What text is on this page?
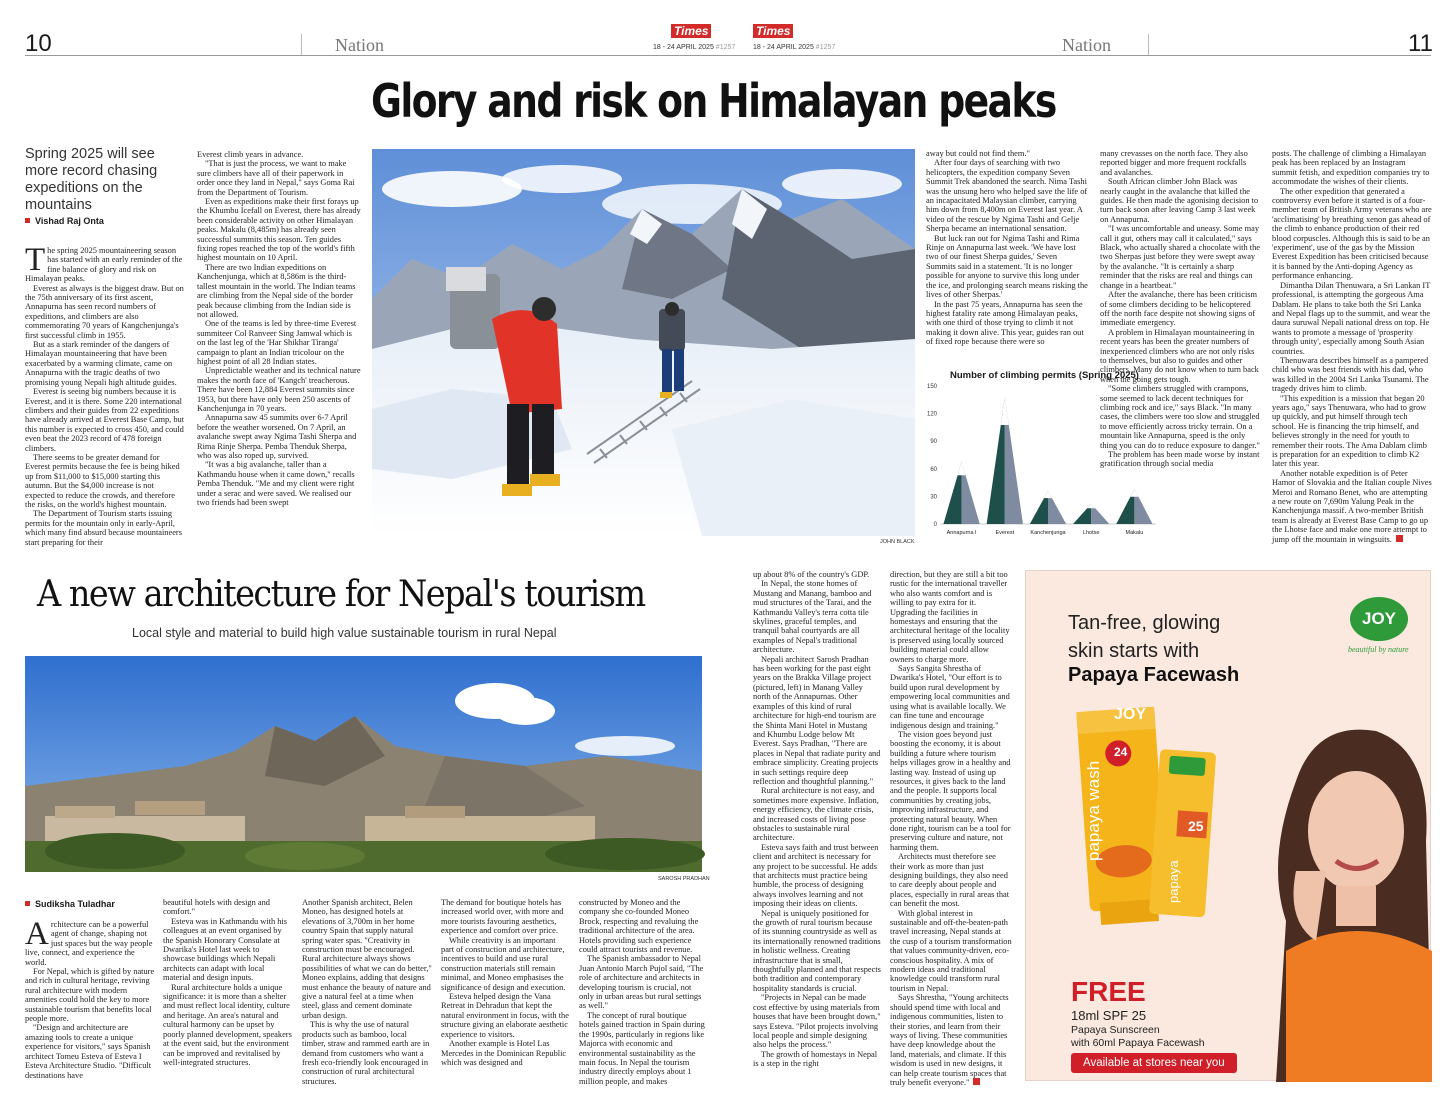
10	Nation
Times
18 - 24 APRIL 2025 #1257
Times
18 - 24 APRIL 2025 #1257	Nation	11
Glory and risk on Himalayan peaks
Spring 2025 will see more record chasing expeditions on the mountains
Vishad Raj Onta

The spring 2025 mountaineering season has started with an early reminder of the fine balance of glory and risk on Himalayan peaks.

Everest as always is the biggest draw. But on the 75th anniversary of its first ascent, Annapurna has seen record numbers of expeditions, and climbers are also commemorating 70 years of Kangchenjunga's first successful climb in 1955.

But as a stark reminder of the dangers of Himalayan mountaineering that have been exacerbated by a warming climate, came on Annapurna with the tragic deaths of two promising young Nepali high altitude guides.

Everest is seeing big numbers because it is Everest, and it is there. Some 220 international climbers and their guides from 22 expeditions have already arrived at Everest Base Camp, but this number is expected to cross 450, and could even beat the 2023 record of 478 foreign climbers.

There seems to be greater demand for Everest permits because the fee is being hiked up from $11,000 to $15,000 starting this autumn. But the $4,000 increase is not expected to reduce the crowds, and therefore the risks, on the world's highest mountain.

The Department of Tourism starts issuing permits for the mountain only in early-April, which many find absurd because mountaineers start preparing for their

Everest climb years in advance.

"That is just the process, we want to make sure climbers have all of their paperwork in order once they land in Nepal," says Goma Rai from the Department of Tourism.

Even as expeditions make their first forays up the Khumbu Icefall on Everest, there has already been considerable activity on other Himalayan peaks. Makalu (8,485m) has already seen successful summits this season. Ten guides fixing ropes reached the top of the world's fifth highest mountain on 10 April.

There are two Indian expeditions on Kanchenjunga, which at 8,586m is the third-tallest mountain in the world. The Indian teams are climbing from the Nepal side of the border peak because climbing from the Indian side is not allowed.

One of the teams is led by three-time Everest summiteer Col Ranveer Sing Jamwal which is on the last leg of the 'Har Shikhar Tiranga' campaign to plant an Indian tricolour on the highest point of all 28 Indian states.

Unpredictable weather and its technical nature makes the north face of 'Kangch' treacherous. There have been 12,884 Everest summits since 1953, but there have only been 250 ascents of Kanchenjunga in 70 years.

Annapurna saw 45 summits over 6-7 April before the weather worsened. On 7 April, an avalanche swept away Ngima Tashi Sherpa and Rima Rinje Sherpa. Pemba Thenduk Sherpa, who was also roped up, survived.

"It was a big avalanche, taller than a Kathmandu house when it came down," recalls Pemba Thenduk. "Me and my client were right under a serac and were saved. We realised our two friends had been swept

JOHN BLACK

away but could not find them."

After four days of searching with two helicopters, the expedition company Seven Summit Trek abandoned the search. Nima Tashi was the unsung hero who helped save the life of an incapacitated Malaysian climber, carrying him down from 8,400m on Everest last year. A video of the rescue by Ngima Tashi and Gelje Sherpa became an international sensation.

But luck ran out for Ngima Tashi and Rima Rinje on Annapurna last week. 'We have lost two of our finest Sherpa guides,' Seven Summits said in a statement. 'It is no longer possible for anyone to survive this long under the ice, and prolonging search means risking the lives of other Sherpas.'

In the past 75 years, Annapurna has seen the highest fatality rate among Himalayan peaks, with one third of those trying to climb it not making it down alive. This year, guides ran out of fixed rope because there were so

Number of climbing permits (Spring 2025)
0
30
60
90
120
150
Annapurna I	Everest	Kanchenjunga	Lhotse	Makalu

many crevasses on the north face. They also reported bigger and more frequent rockfalls and avalanches.

South African climber John Black was nearly caught in the avalanche that killed the guides. He then made the agonising decision to turn back soon after leaving Camp 3 last week on Annapurna.

"I was uncomfortable and uneasy. Some may call it gut, others may call it calculated," says Black, who actually shared a chocolate with the two Sherpas just before they were swept away by the avalanche. "It is certainly a sharp reminder that the risks are real and things can change in a heartbeat."

After the avalanche, there has been criticism of some climbers deciding to be helicoptered off the north face despite not showing signs of immediate emergency.

A problem in Himalayan mountaineering in recent years has been the greater numbers of inexperienced climbers who are not only risks to themselves, but also to guides and other climbers. Many do not know when to turn back when the going gets tough.

"Some climbers struggled with crampons, some seemed to lack decent techniques for climbing rock and ice," says Black. "In many cases, the climbers were too slow and struggled to move efficiently across tricky terrain. On a mountain like Annapurna, speed is the only thing you can do to reduce exposure to danger."

The problem has been made worse by instant gratification through social media

posts. The challenge of climbing a Himalayan peak has been replaced by an Instagram summit fetish, and expedition companies try to accommodate the wishes of their clients.

The other expedition that generated a controversy even before it started is of a four-member team of British Army veterans who are 'acclimatising' by breathing xenon gas ahead of the climb to enhance production of their red blood corpuscles. Although this is said to be an 'experiment', use of the gas by the Mission Everest Expedition has been criticised because it is banned by the Anti-doping Agency as performance enhancing.

Dimantha Dilan Thenuwara, a Sri Lankan IT professional, is attempting the gorgeous Ama Dablam. He plans to take both the Sri Lanka and Nepal flags up to the summit, and wear the daura suruwal Nepali national dress on top. He wants to promote a message of 'prosperity through unity', especially among South Asian countries.

Thenuwara describes himself as a pampered child who was best friends with his dad, who was killed in the 2004 Sri Lanka Tsunami. The tragedy drives him to climb.

"This expedition is a mission that began 20 years ago," says Thenuwara, who had to grow up quickly, and put himself through tech school. He is financing the trip himself, and believes strongly in the need for youth to remember their roots. The Ama Dablam climb is preparation for an expedition to climb K2 later this year.

Another notable expedition is of Peter Hamor of Slovakia and the Italian couple Nives Meroi and Romano Benet, who are attempting a new route on 7,690m Yalung Peak in the Kanchenjunga massif. A two-member British team is already at Everest Base Camp to go up the Lhotse face and make one more attempt to jump off the mountain in wingsuits.

A new architecture for Nepal's tourism
Local style and material to build high value sustainable tourism in rural Nepal
SAROSH PRADHAN
Sudiksha Tuladhar

Architecture can be a powerful agent of change, shaping not just spaces but the way people live, connect, and experience the world.

For Nepal, which is gifted by nature and rich in cultural heritage, reviving rural architecture with modern amenities could hold the key to more sustainable tourism that benefits local people more.

"Design and architecture are amazing tools to create a unique experience for visitors," says Spanish architect Tomeu Esteva of Esteva I Esteva Architecture Studio. "Difficult destinations have

beautiful hotels with design and comfort."

Esteva was in Kathmandu with his colleagues at an event organised by the Spanish Honorary Consulate at Dwarika's Hotel last week to showcase buildings which Nepali architects can adapt with local material and design inputs.

Rural architecture holds a unique significance: it is more than a shelter and must reflect local identity, culture and heritage. An area's natural and cultural harmony can be upset by poorly planned development, speakers at the event said, but the environment can be improved and revitalised by well-integrated structures.

Another Spanish architect, Belen Moneo, has designed hotels at elevations of 3,700m in her home country Spain that supply natural spring water spas. "Creativity in construction must be encouraged. Rural architecture always shows possibilities of what we can do better," Moneo explains, adding that designs must enhance the beauty of nature and give a natural feel at a time when steel, glass and cement dominate urban design.

This is why the use of natural products such as bamboo, local timber, straw and rammed earth are in demand from customers who want a fresh eco-friendly look encouraged in construction of rural architectural structures.

The demand for boutique hotels has increased world over, with more and more tourists favouring aesthetics, experience and comfort over price.

While creativity is an important part of construction and architecture, incentives to build and use rural construction materials still remain minimal, and Moneo emphasises the significance of design and execution.

Esteva helped design the Vana Retreat in Dehradun that kept the natural environment in focus, with the structure giving an elaborate aesthetic experience to visitors.

Another example is Hotel Las Mercedes in the Dominican Republic which was designed and

constructed by Moneo and the company she co-founded Moneo Brock, respecting and revaluing the traditional architecture of the area. Hotels providing such experience could attract tourists and revenue.

The Spanish ambassador to Nepal Juan Antonio March Pujol said, "The role of architecture and architects in developing tourism is crucial, not only in urban areas but rural settings as well."

The concept of rural boutique hotels gained traction in Spain during the 1990s, particularly in regions like Majorca with economic and environmental sustainability as the main focus. In Nepal the tourism industry directly employs about 1 million people, and makes

up about 8% of the country's GDP.

In Nepal, the stone homes of Mustang and Manang, bamboo and mud structures of the Tarai, and the Kathmandu Valley's terra cotta tile skylines, graceful temples, and tranquil bahal courtyards are all examples of Nepal's traditional architecture.

Nepali architect Sarosh Pradhan has been working for the past eight years on the Brakka Village project (pictured, left) in Manang Valley north of the Annapurnas. Other examples of this kind of rural architecture for high-end tourism are the Shinta Mani Hotel in Mustang and Khumbu Lodge below Mt Everest. Says Pradhan, "There are places in Nepal that radiate purity and embrace simplicity. Creating projects in such settings require deep reflection and thoughtful planning."

Rural architecture is not easy, and sometimes more expensive. Inflation, energy efficiency, the climate crisis, and increased costs of living pose obstacles to sustainable rural architecture.

Esteva says faith and trust between client and architect is necessary for any project to be successful. He adds that architects must practice being humble, the process of designing always involves learning and not imposing their ideas on clients.

Nepal is uniquely positioned for the growth of rural tourism because of its stunning countryside as well as its internationally renowned traditions in holistic wellness. Creating infrastructure that is small, thoughtfully planned and that respects both tradition and contemporary hospitality standards is crucial.

"Projects in Nepal can be made cost effective by using materials from houses that have been brought down," says Esteva. "Pilot projects involving local people and simple designing also helps the process."

The growth of homestays in Nepal is a step in the right

direction, but they are still a bit too rustic for the international traveller who also wants comfort and is willing to pay extra for it. Upgrading the facilities in homestays and ensuring that the architectural heritage of the locality is preserved using locally sourced building material could allow owners to charge more.

Says Sangita Shrestha of Dwarika's Hotel, "Our effort is to build upon rural development by empowering local communities and using what is available locally. We can fine tune and encourage indigenous design and training."

The vision goes beyond just boosting the economy, it is about building a future where tourism helps villages grow in a healthy and lasting way. Instead of using up resources, it gives back to the land and the people. It supports local communities by creating jobs, improving infrastructure, and protecting natural beauty. When done right, tourism can be a tool for preserving culture and nature, not harming them.

Architects must therefore see their work as more than just designing buildings, they also need to care deeply about people and places, especially in rural areas that can benefit the most.

With global interest in sustainable and off-the-beaten-path travel increasing, Nepal stands at the cusp of a tourism transformation that values community-driven, eco-conscious hospitality. A mix of modern ideas and traditional knowledge could transform rural tourism in Nepal.

Says Shrestha, "Young architects should spend time with local and indigenous communities, listen to their stories, and learn from their ways of living. These communities have deep knowledge about the land, materials, and climate. If this wisdom is used in new designs, it can help create tourism spaces that truly benefit everyone."

Tan-free, glowing
skin starts with
Papaya Facewash
JOY
beautiful by nature
JOY
24
papaya wash
papaya
25
FREE
18ml SPF 25
Papaya Sunscreen
with 60ml Papaya Facewash
Available at stores near you
